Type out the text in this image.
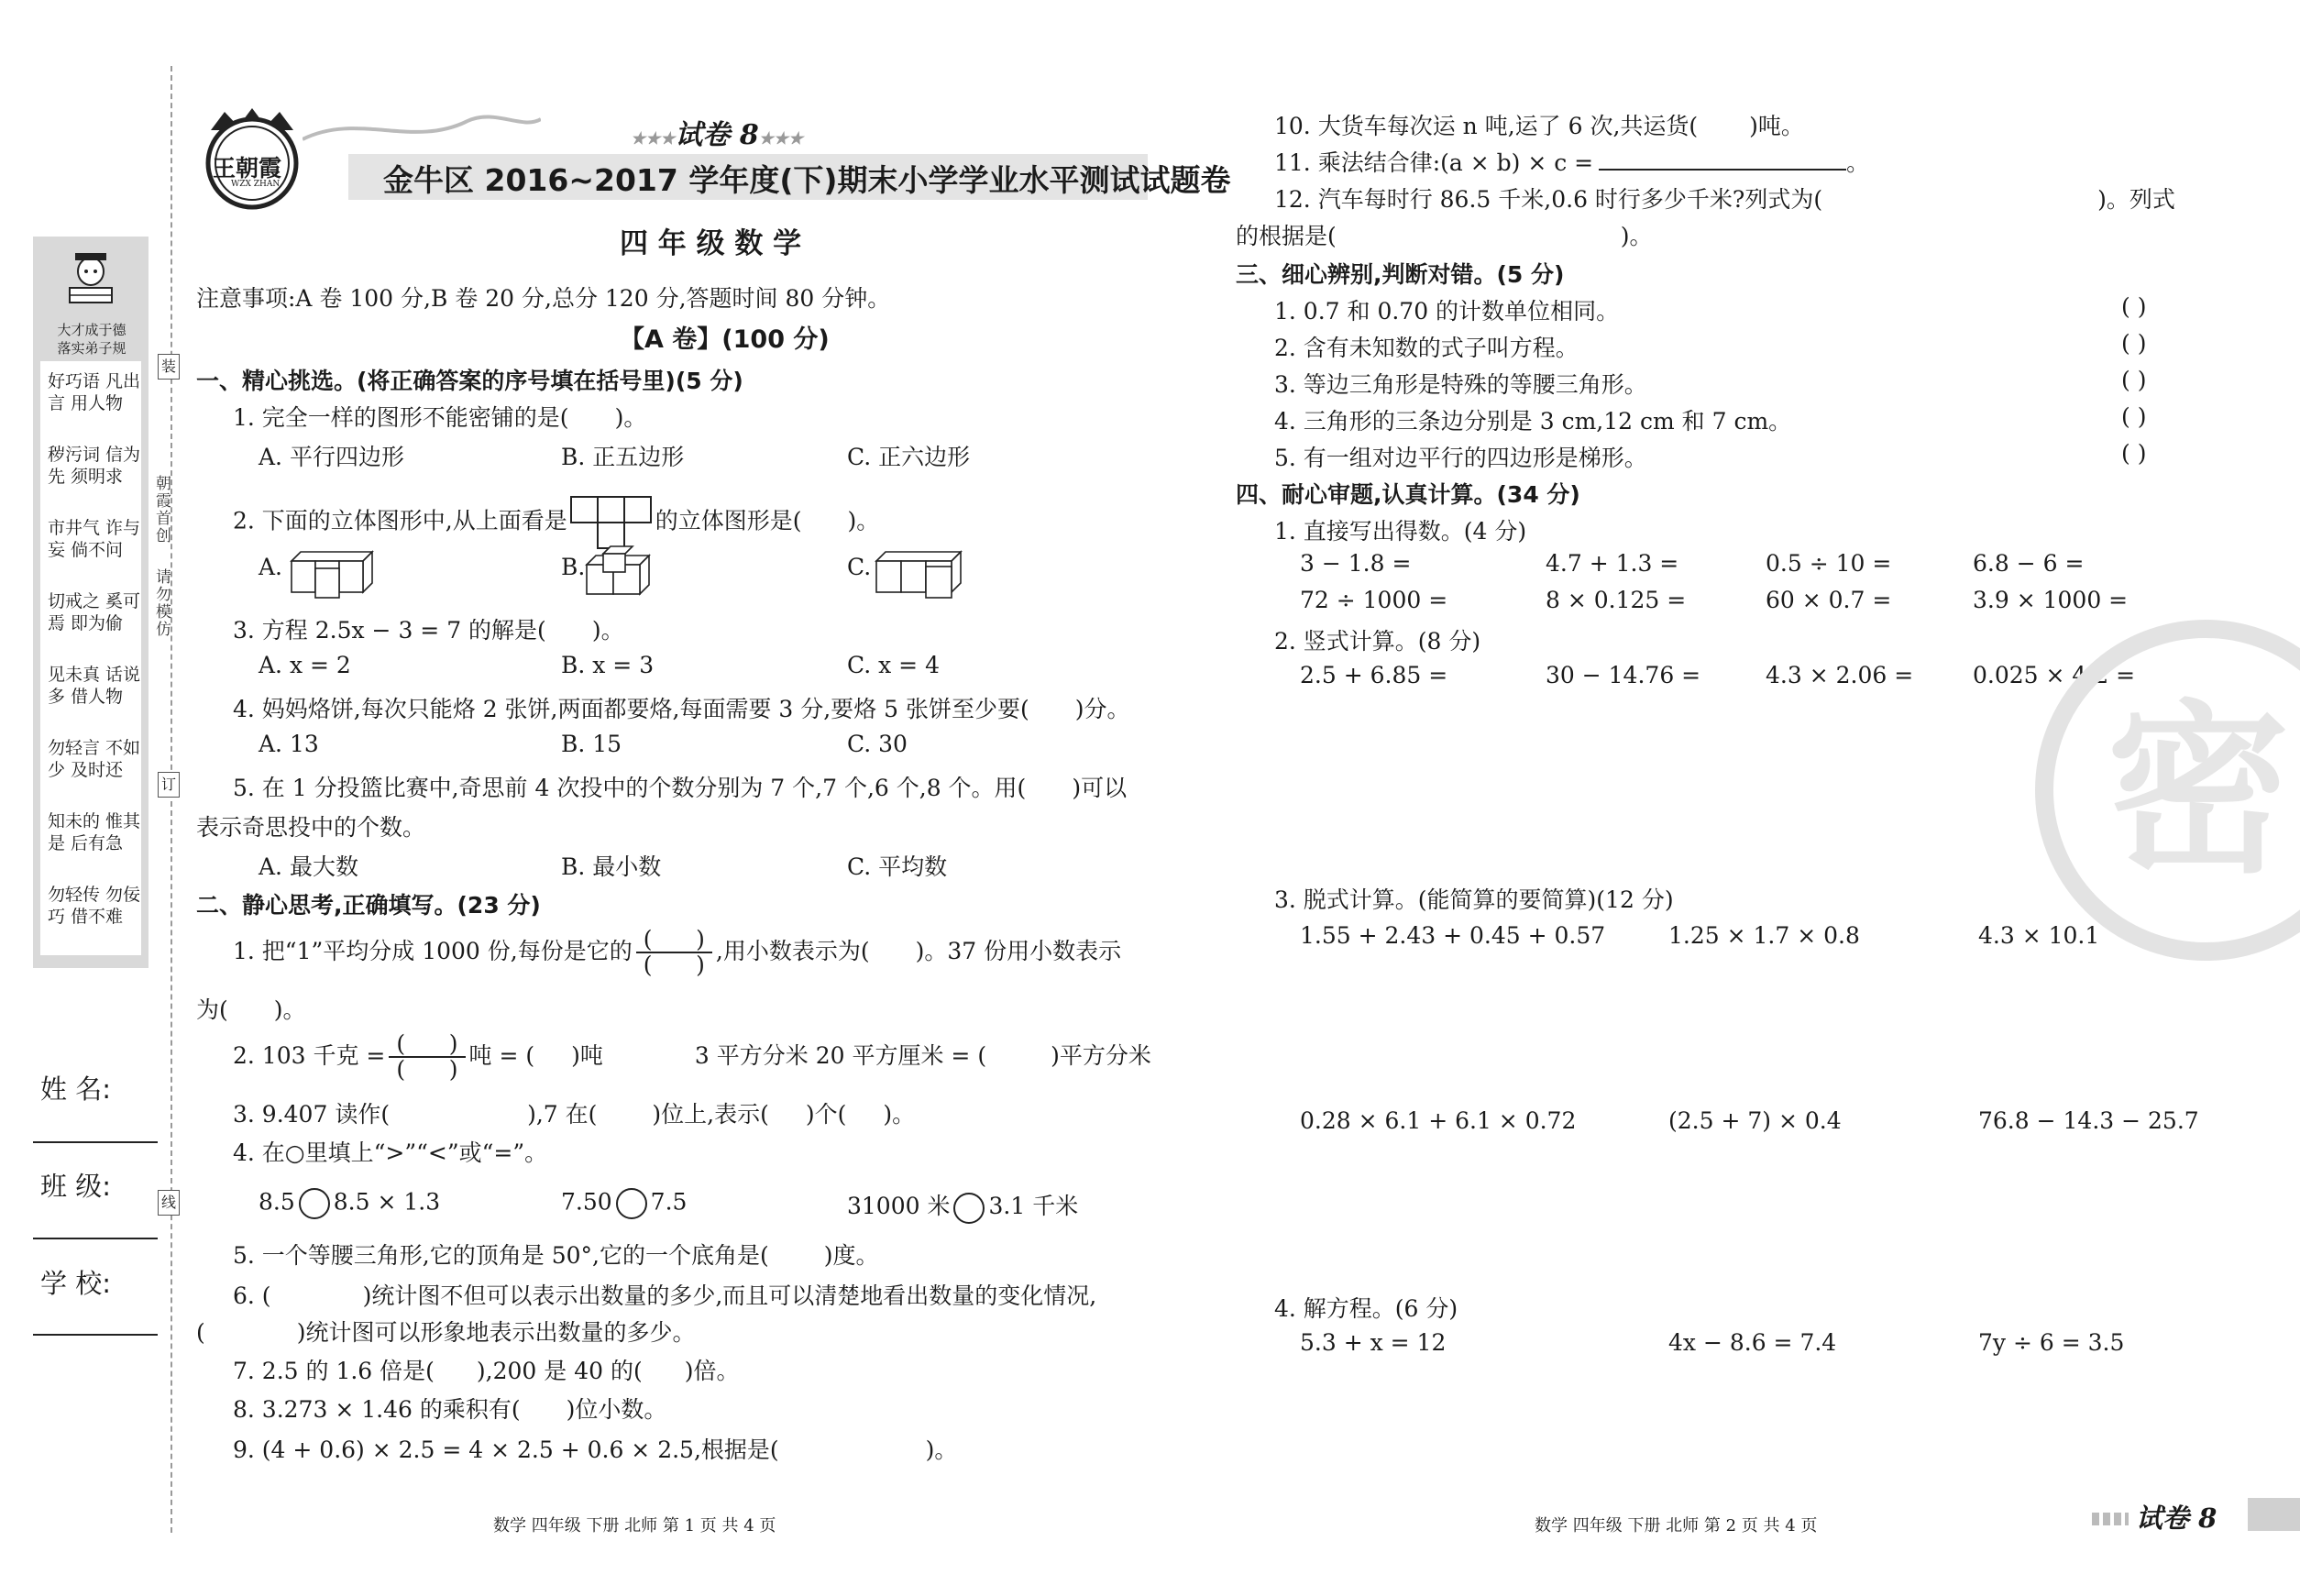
大才成于德
落实弟子规
好巧语 凡出言 用人物
秽污词 信为先 须明求
市井气 诈与妄 倘不问
切戒之 奚可焉 即为偷
见未真 话说多 借人物
勿轻言 不如少 及时还
知未的 惟其是 后有急
勿轻传 勿佞巧 借不难
姓 名:
班 级:
学 校:
装
订
线
朝霞首创
请勿模仿
王朝霞
WZX ZHAN
★★★试卷 8★★★
金牛区 2016~2017 学年度(下)期末小学学业水平测试试题卷
四 年 级 数 学
注意事项:A 卷 100 分,B 卷 20 分,总分 120 分,答题时间 80 分钟。
【A 卷】(100 分)
一、精心挑选。(将正确答案的序号填在括号里)(5 分)
1. 完全一样的图形不能密铺的是( )。
A. 平行四边形	B. 正五边形	C. 正六边形
2. 下面的立体图形中,从上面看是	的立体图形是( )。
A.	B.	C.
3. 方程 2.5x − 3 = 7 的解是( )。
A. x = 2	B. x = 3	C. x = 4
4. 妈妈烙饼,每次只能烙 2 张饼,两面都要烙,每面需要 3 分,要烙 5 张饼至少要( )分。
A. 13	B. 15	C. 30
5. 在 1 分投篮比赛中,奇思前 4 次投中的个数分别为 7 个,7 个,6 个,8 个。用( )可以
表示奇思投中的个数。
A. 最大数	B. 最小数	C. 平均数
二、静心思考,正确填写。(23 分)
1. 把“1”平均分成 1000 份,每份是它的 $\frac{( )}{( )}$ ,用小数表示为( )。37 份用小数表示
为( )。
2. 103 千克 = $\frac{( )}{( )}$ 吨 = ( )吨	3 平方分米 20 平方厘米 = (	)平方分米
3. 9.407 读作(	),7 在( )位上,表示( )个( )。
4. 在○里填上“>”“<”或“=”。
8.5 8.5 × 1.3	7.50 7.5	31000 米 3.1 千米
5. 一个等腰三角形,它的顶角是 50°,它的一个底角是( )度。
6. (	)统计图不但可以表示出数量的多少,而且可以清楚地看出数量的变化情况,
(	)统计图可以形象地表示出数量的多少。
7. 2.5 的 1.6 倍是( ),200 是 40 的( )倍。
8. 3.273 × 1.46 的乘积有( )位小数。
9. (4 + 0.6) × 2.5 = 4 × 2.5 + 0.6 × 2.5,根据是(	)。
数学 四年级 下册 北师 第 1 页 共 4 页
10. 大货车每次运 n 吨,运了 6 次,共运货( )吨。
11. 乘法结合律:(a × b) × c =	。
12. 汽车每时行 86.5 千米,0.6 时行多少千米?列式为(	)。列式
的根据是(	)。
三、细心辨别,判断对错。(5 分)
1. 0.7 和 0.70 的计数单位相同。	( )
2. 含有未知数的式子叫方程。	( )
3. 等边三角形是特殊的等腰三角形。	( )
4. 三角形的三条边分别是 3 cm,12 cm 和 7 cm。	( )
5. 有一组对边平行的四边形是梯形。	( )
四、耐心审题,认真计算。(34 分)
1. 直接写出得数。(4 分)
3 − 1.8 =	4.7 + 1.3 =	0.5 ÷ 10 =	6.8 − 6 =
72 ÷ 1000 =	8 × 0.125 =	60 × 0.7 =	3.9 × 1000 =
2. 竖式计算。(8 分)
2.5 + 6.85 =	30 − 14.76 =	4.3 × 2.06 =	0.025 × 4.2 =
密
3. 脱式计算。(能简算的要简算)(12 分)
1.55 + 2.43 + 0.45 + 0.57	1.25 × 1.7 × 0.8	4.3 × 10.1
0.28 × 6.1 + 6.1 × 0.72	(2.5 + 7) × 0.4	76.8 − 14.3 − 25.7
4. 解方程。(6 分)
5.3 + x = 12	4x − 8.6 = 7.4	7y ÷ 6 = 3.5
数学 四年级 下册 北师 第 2 页 共 4 页	试卷 8
